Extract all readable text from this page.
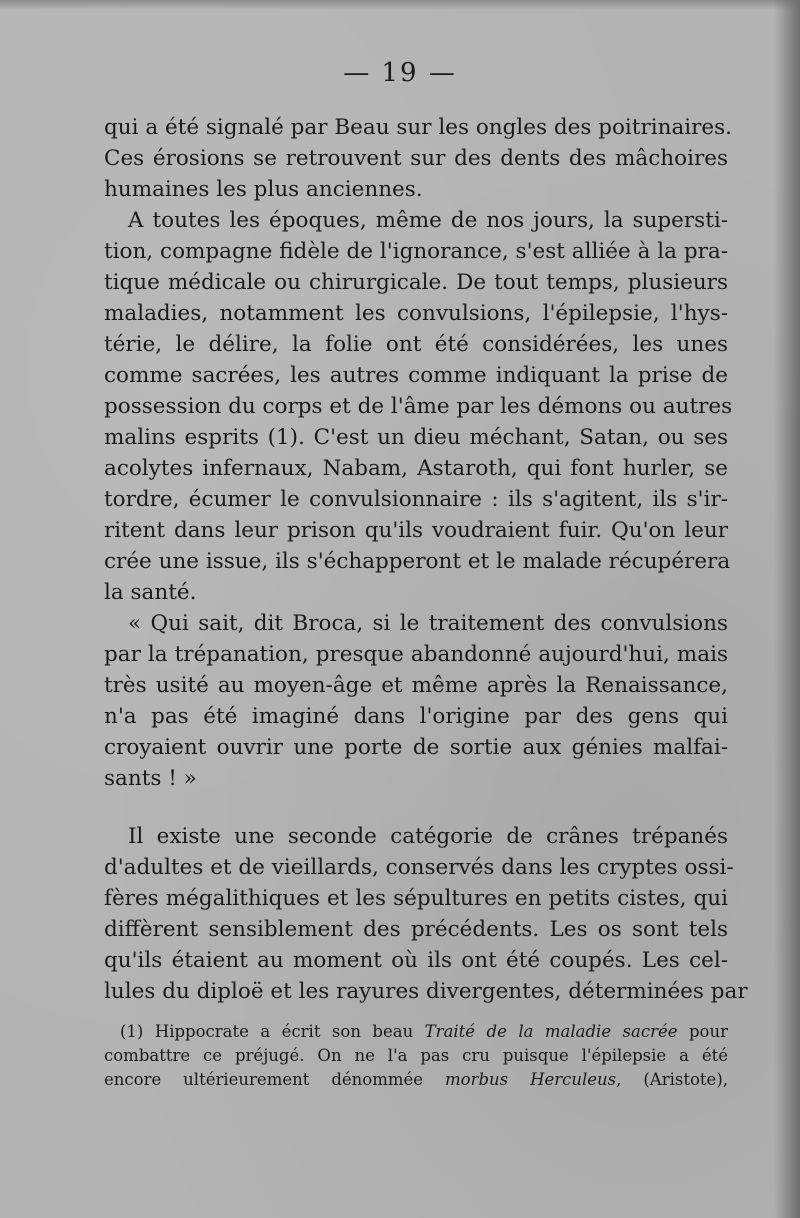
— 19 —

qui a été signalé par Beau sur les ongles des poitrinaires.
Ces érosions se retrouvent sur des dents des mâchoires
humaines les plus anciennes.

A toutes les époques, même de nos jours, la supersti-
tion, compagne fidèle de l'ignorance, s'est alliée à la pra-
tique médicale ou chirurgicale. De tout temps, plusieurs
maladies, notamment les convulsions, l'épilepsie, l'hys-
térie, le délire, la folie ont été considérées, les unes
comme sacrées, les autres comme indiquant la prise de
possession du corps et de l'âme par les démons ou autres
malins esprits (1). C'est un dieu méchant, Satan, ou ses
acolytes infernaux, Nabam, Astaroth, qui font hurler, se
tordre, écumer le convulsionnaire : ils s'agitent, ils s'ir-
ritent dans leur prison qu'ils voudraient fuir. Qu'on leur
crée une issue, ils s'échapperont et le malade récupérera
la santé.

« Qui sait, dit Broca, si le traitement des convulsions
par la trépanation, presque abandonné aujourd'hui, mais
très usité au moyen-âge et même après la Renaissance,
n'a pas été imaginé dans l'origine par des gens qui
croyaient ouvrir une porte de sortie aux génies malfai-
sants ! »

Il existe une seconde catégorie de crânes trépanés
d'adultes et de vieillards, conservés dans les cryptes ossi-
fères mégalithiques et les sépultures en petits cistes, qui
diffèrent sensiblement des précédents. Les os sont tels
qu'ils étaient au moment où ils ont été coupés. Les cel-
lules du diploë et les rayures divergentes, déterminées par

(1) Hippocrate a écrit son beau Traité de la maladie sacrée pour
combattre ce préjugé. On ne l'a pas cru puisque l'épilepsie a été
encore ultérieurement dénommée morbus Herculeus, (Aristote),
